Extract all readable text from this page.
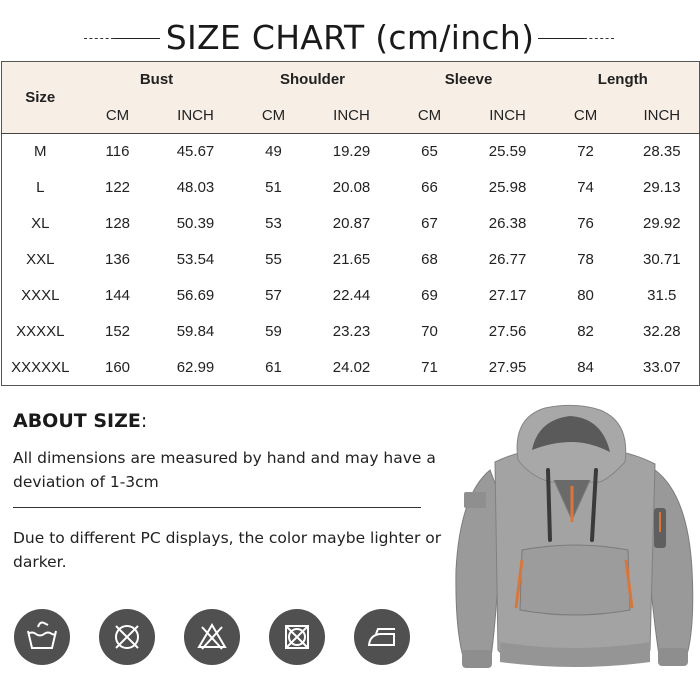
SIZE CHART (cm/inch)
Size	Bust		Shoulder		Sleeve		Length	
	CM	INCH	CM	INCH	CM	INCH	CM	INCH
M	116	45.67	49	19.29	65	25.59	72	28.35
L	122	48.03	51	20.08	66	25.98	74	29.13
XL	128	50.39	53	20.87	67	26.38	76	29.92
XXL	136	53.54	55	21.65	68	26.77	78	30.71
XXXL	144	56.69	57	22.44	69	27.17	80	31.5
XXXXL	152	59.84	59	23.23	70	27.56	82	32.28
XXXXXL	160	62.99	61	24.02	71	27.95	84	33.07
ABOUT SIZE:

All dimensions are measured by hand and may have a deviation of 1-3cm

Due to different PC displays, the color maybe lighter or darker.
